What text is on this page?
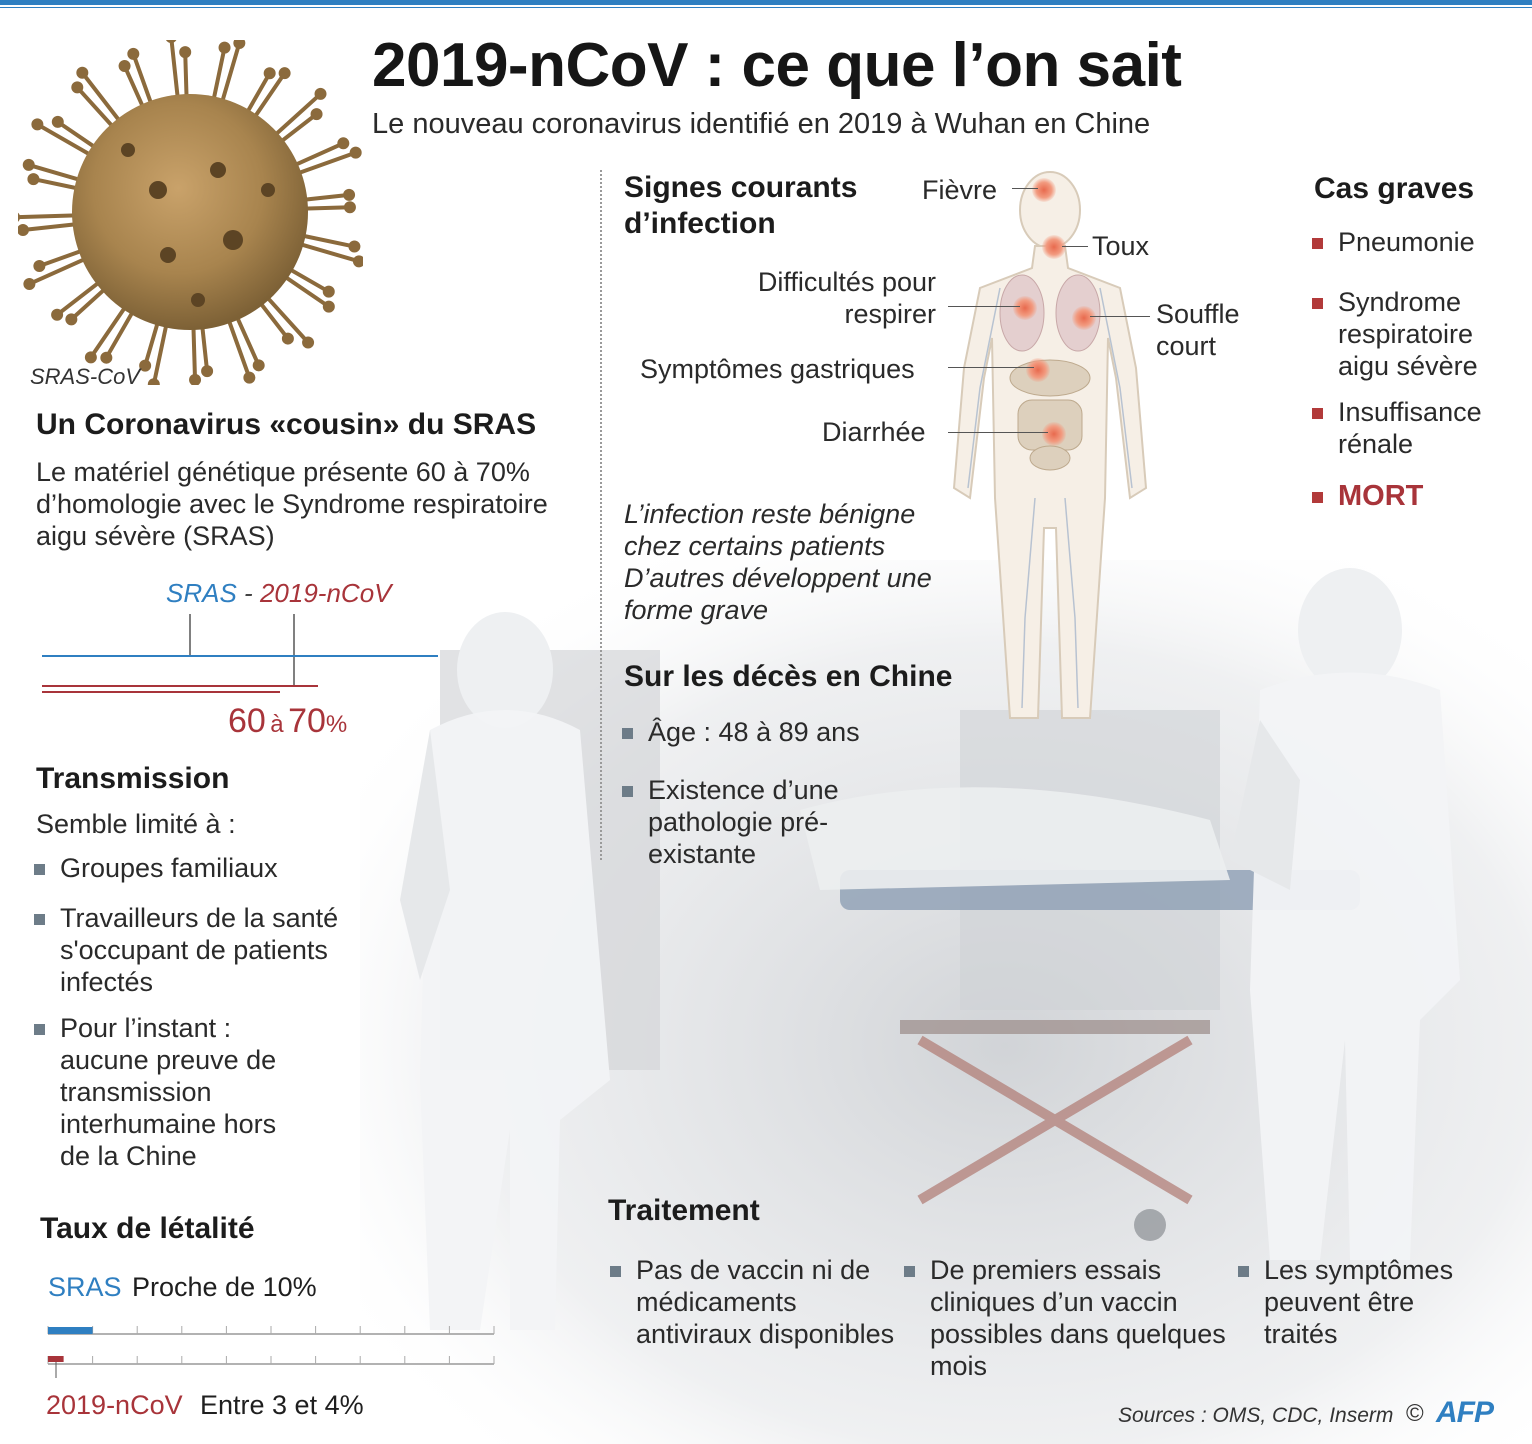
SRAS-CoV
2019-nCoV : ce que l’on sait
Le nouveau coronavirus identifié en 2019 à Wuhan en Chine
Un Coronavirus «cousin» du SRAS
Le matériel génétique présente 60 à 70% d’homologie avec le Syndrome respiratoire aigu sévère (SRAS)
SRAS - 2019-nCoV
60 à 70%
Transmission
Semble limité à :
Groupes familiaux
Travailleurs de la santé s'occupant de patients infectés
Pour l’instant : aucune preuve de transmission interhumaine hors de la Chine
Taux de létalité
SRAS Proche de 10%
2019-nCoV Entre 3 et 4%
Signes courants d’infection
Fièvre
Toux
Difficultés pour respirer	Souffle court
Symptômes gastriques
Diarrhée
L’infection reste bénigne chez certains patients D’autres développent une forme grave
Cas graves
Pneumonie
Syndrome respiratoire aigu sévère
Insuffisance rénale
MORT
Sur les décès en Chine
Âge : 48 à 89 ans
Existence d’une pathologie pré-existante
Traitement
Pas de vaccin ni de médicaments antiviraux disponibles
De premiers essais cliniques d’un vaccin possibles dans quelques mois
Les symptômes peuvent être traités
Sources : OMS, CDC, Inserm © AFP
